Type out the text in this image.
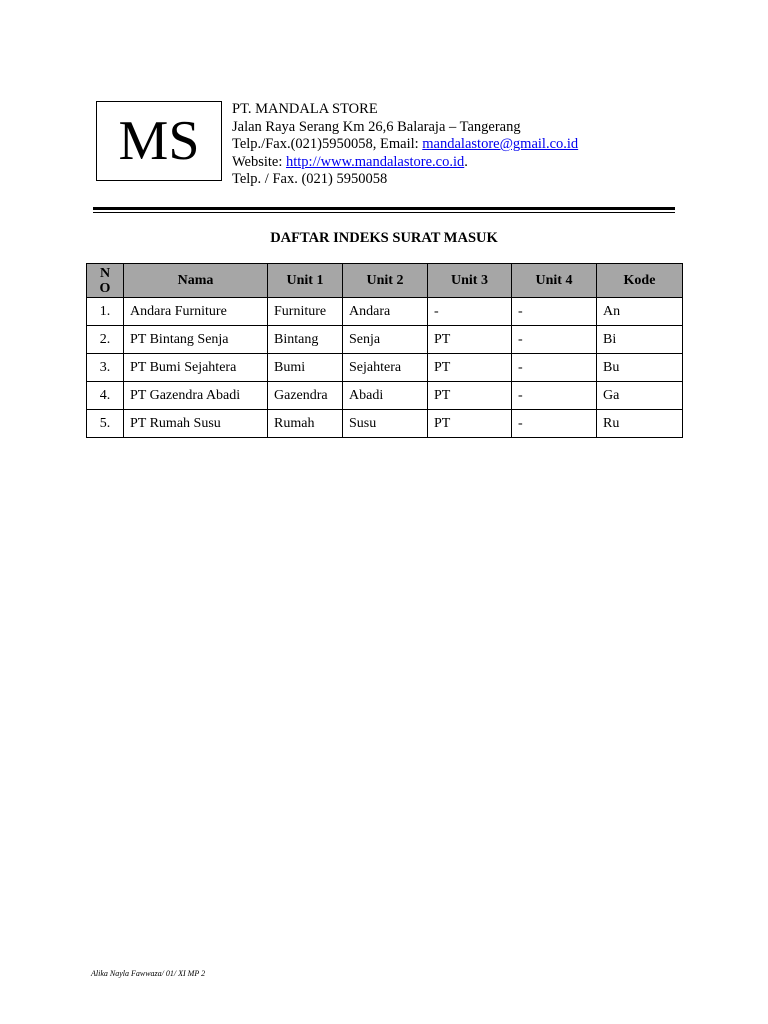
MS
PT. MANDALA STORE
Jalan Raya Serang Km 26,6 Balaraja – Tangerang
Telp./Fax.(021)5950058, Email: mandalastore@gmail.co.id
Website: http://www.mandalastore.co.id.
Telp. / Fax. (021) 5950058
DAFTAR INDEKS SURAT MASUK
N
O	Nama	Unit 1	Unit 2	Unit 3	Unit 4	Kode
1.	Andara Furniture	Furniture	Andara	-	-	An
2.	PT Bintang Senja	Bintang	Senja	PT	-	Bi
3.	PT Bumi Sejahtera	Bumi	Sejahtera	PT	-	Bu
4.	PT Gazendra Abadi	Gazendra	Abadi	PT	-	Ga
5.	PT Rumah Susu	Rumah	Susu	PT	-	Ru
Alika Nayla Fawwaza/ 01/ XI MP 2
